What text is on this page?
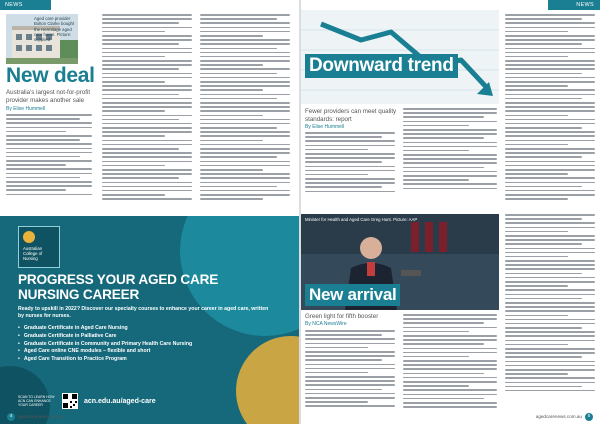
NEWS
Aged care provider Bolton Clarke bought the Hermitage aged care home. Picture: supplied
New deal
Australia's largest not-for-profit provider makes another sale
By Elise Hummell
Australian
College of
Nursing
PROGRESS YOUR AGED CARE NURSING CAREER
Ready to upskill in 2022? Discover our specialty courses to enhance your career in aged care, written by nurses for nurses.
• Graduate Certificate in Aged Care Nursing
• Graduate Certificate in Palliative Care
• Graduate Certificate in Community and Primary Health Care Nursing
• Aged Care online CNE modules – flexible and short
• Aged Care Transition to Practice Program
SCAN TO LEARN HOW ACN CAN ENHANCE YOUR CAREER
acn.edu.au/aged-care
4 agedcarenews.com.au
NEWS
Downward trend
Fewer providers can meet quality standards: report
By Elise Hummell
Minister for Health and Aged Care Greg Hunt. Picture: AAP
New arrival
Green light for fifth booster
By NCA NewsWire
agedcarenews.com.au 5
